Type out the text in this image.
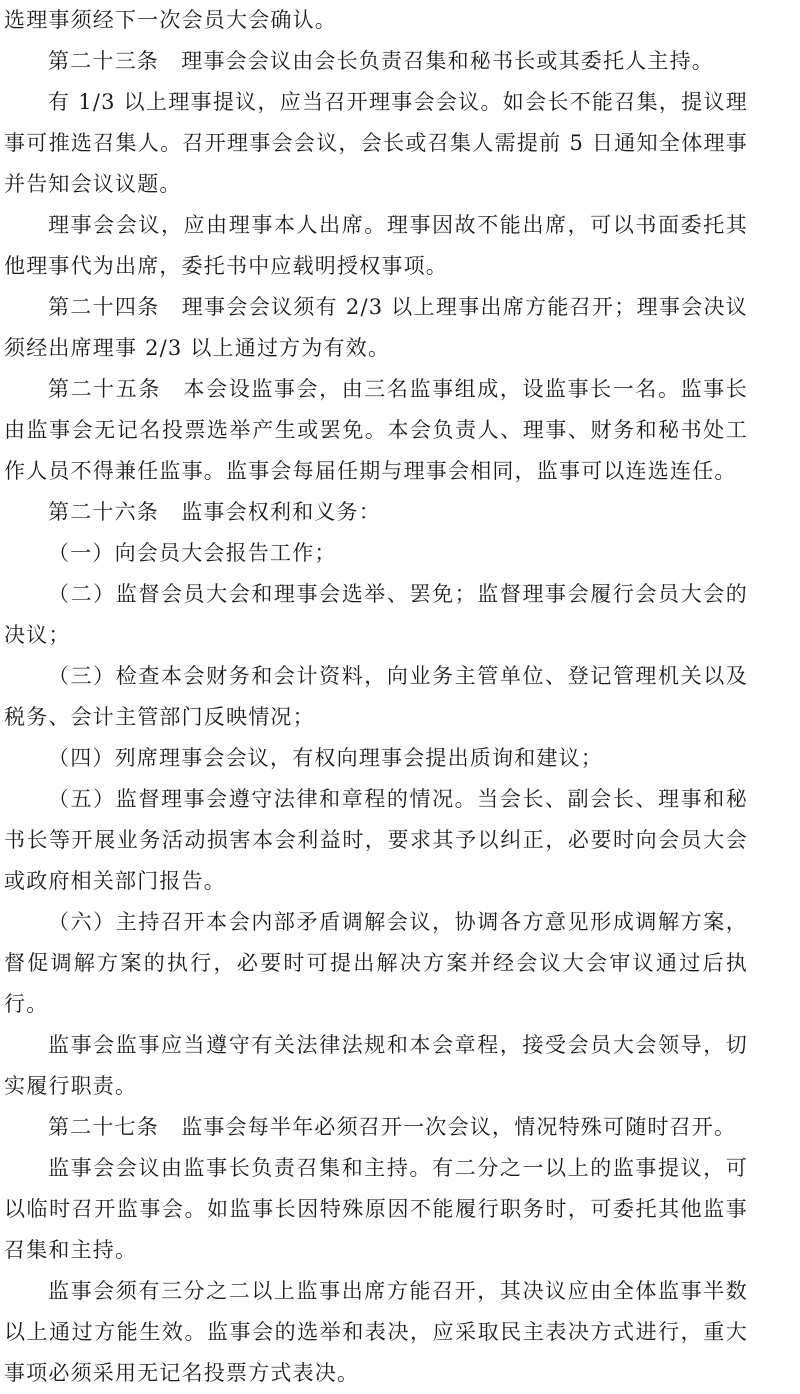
选理事须经下一次会员大会确认。

第二十三条　理事会会议由会长负责召集和秘书长或其委托人主持。

有 1/3 以上理事提议，应当召开理事会会议。如会长不能召集，提议理事可推选召集人。召开理事会会议，会长或召集人需提前 5 日通知全体理事并告知会议议题。

理事会会议，应由理事本人出席。理事因故不能出席，可以书面委托其他理事代为出席，委托书中应载明授权事项。

第二十四条　理事会会议须有 2/3 以上理事出席方能召开；理事会决议须经出席理事 2/3 以上通过方为有效。

第二十五条　本会设监事会，由三名监事组成，设监事长一名。监事长由监事会无记名投票选举产生或罢免。本会负责人、理事、财务和秘书处工作人员不得兼任监事。监事会每届任期与理事会相同，监事可以连选连任。

第二十六条　监事会权利和义务：

（一）向会员大会报告工作；

（二）监督会员大会和理事会选举、罢免；监督理事会履行会员大会的决议；

（三）检查本会财务和会计资料，向业务主管单位、登记管理机关以及税务、会计主管部门反映情况；

（四）列席理事会会议，有权向理事会提出质询和建议；

（五）监督理事会遵守法律和章程的情况。当会长、副会长、理事和秘书长等开展业务活动损害本会利益时，要求其予以纠正，必要时向会员大会或政府相关部门报告。

（六）主持召开本会内部矛盾调解会议，协调各方意见形成调解方案，督促调解方案的执行，必要时可提出解决方案并经会议大会审议通过后执行。

监事会监事应当遵守有关法律法规和本会章程，接受会员大会领导，切实履行职责。

第二十七条　监事会每半年必须召开一次会议，情况特殊可随时召开。

监事会会议由监事长负责召集和主持。有二分之一以上的监事提议，可以临时召开监事会。如监事长因特殊原因不能履行职务时，可委托其他监事召集和主持。

监事会须有三分之二以上监事出席方能召开，其决议应由全体监事半数以上通过方能生效。监事会的选举和表决，应采取民主表决方式进行，重大事项必须采用无记名投票方式表决。
